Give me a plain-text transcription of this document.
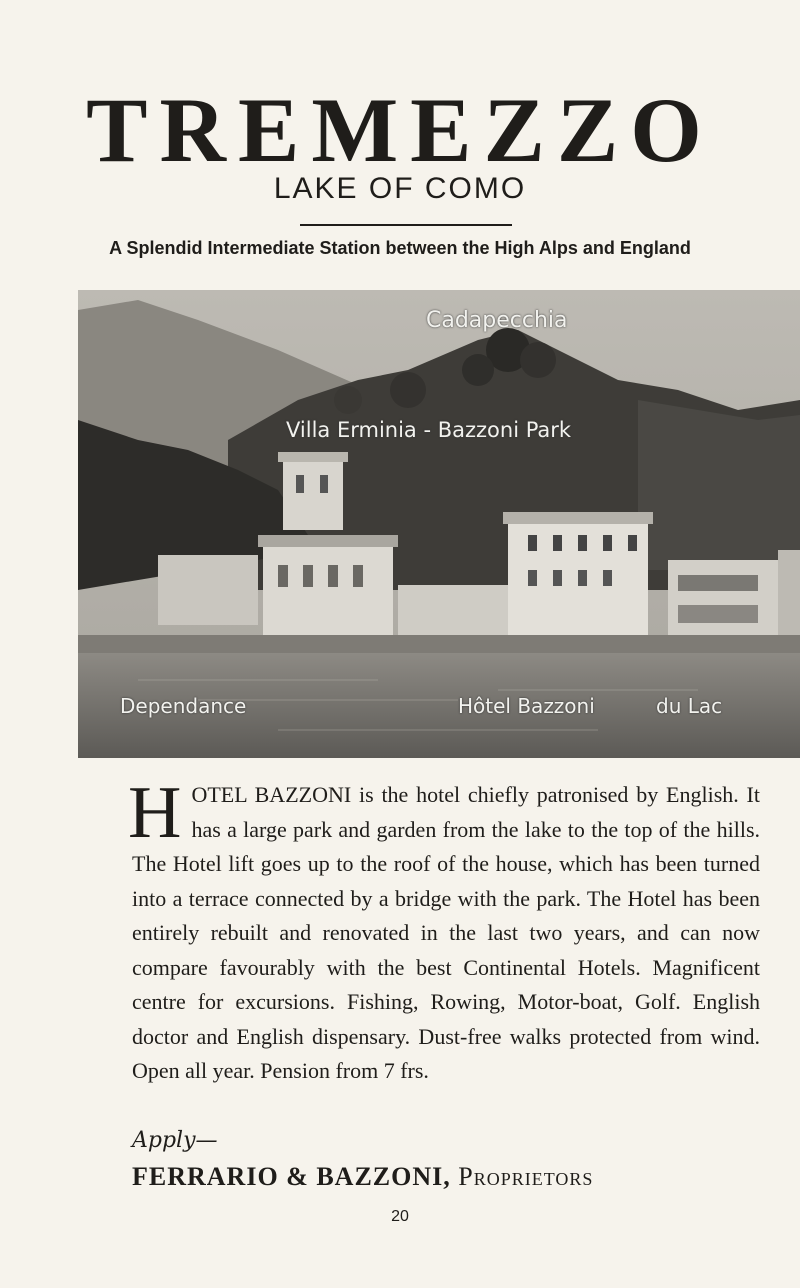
TREMEZZO
LAKE OF COMO
A Splendid Intermediate Station between the High Alps and England
Cadapecchia
Villa Erminia - Bazzoni Park
Dependance	Hôtel Bazzoni	du Lac

HOTEL BAZZONI is the hotel chiefly patronised by English. It has a large park and garden from the lake to the top of the hills. The Hotel lift goes up to the roof of the house, which has been turned into a terrace connected by a bridge with the park. The Hotel has been entirely rebuilt and renovated in the last two years, and can now compare favourably with the best Continental Hotels. Magnificent centre for excursions. Fishing, Rowing, Motor-boat, Golf. English doctor and English dispensary. Dust-free walks protected from wind. Open all year. Pension from 7 frs.

Apply—
FERRARIO & BAZZONI, Proprietors
20
